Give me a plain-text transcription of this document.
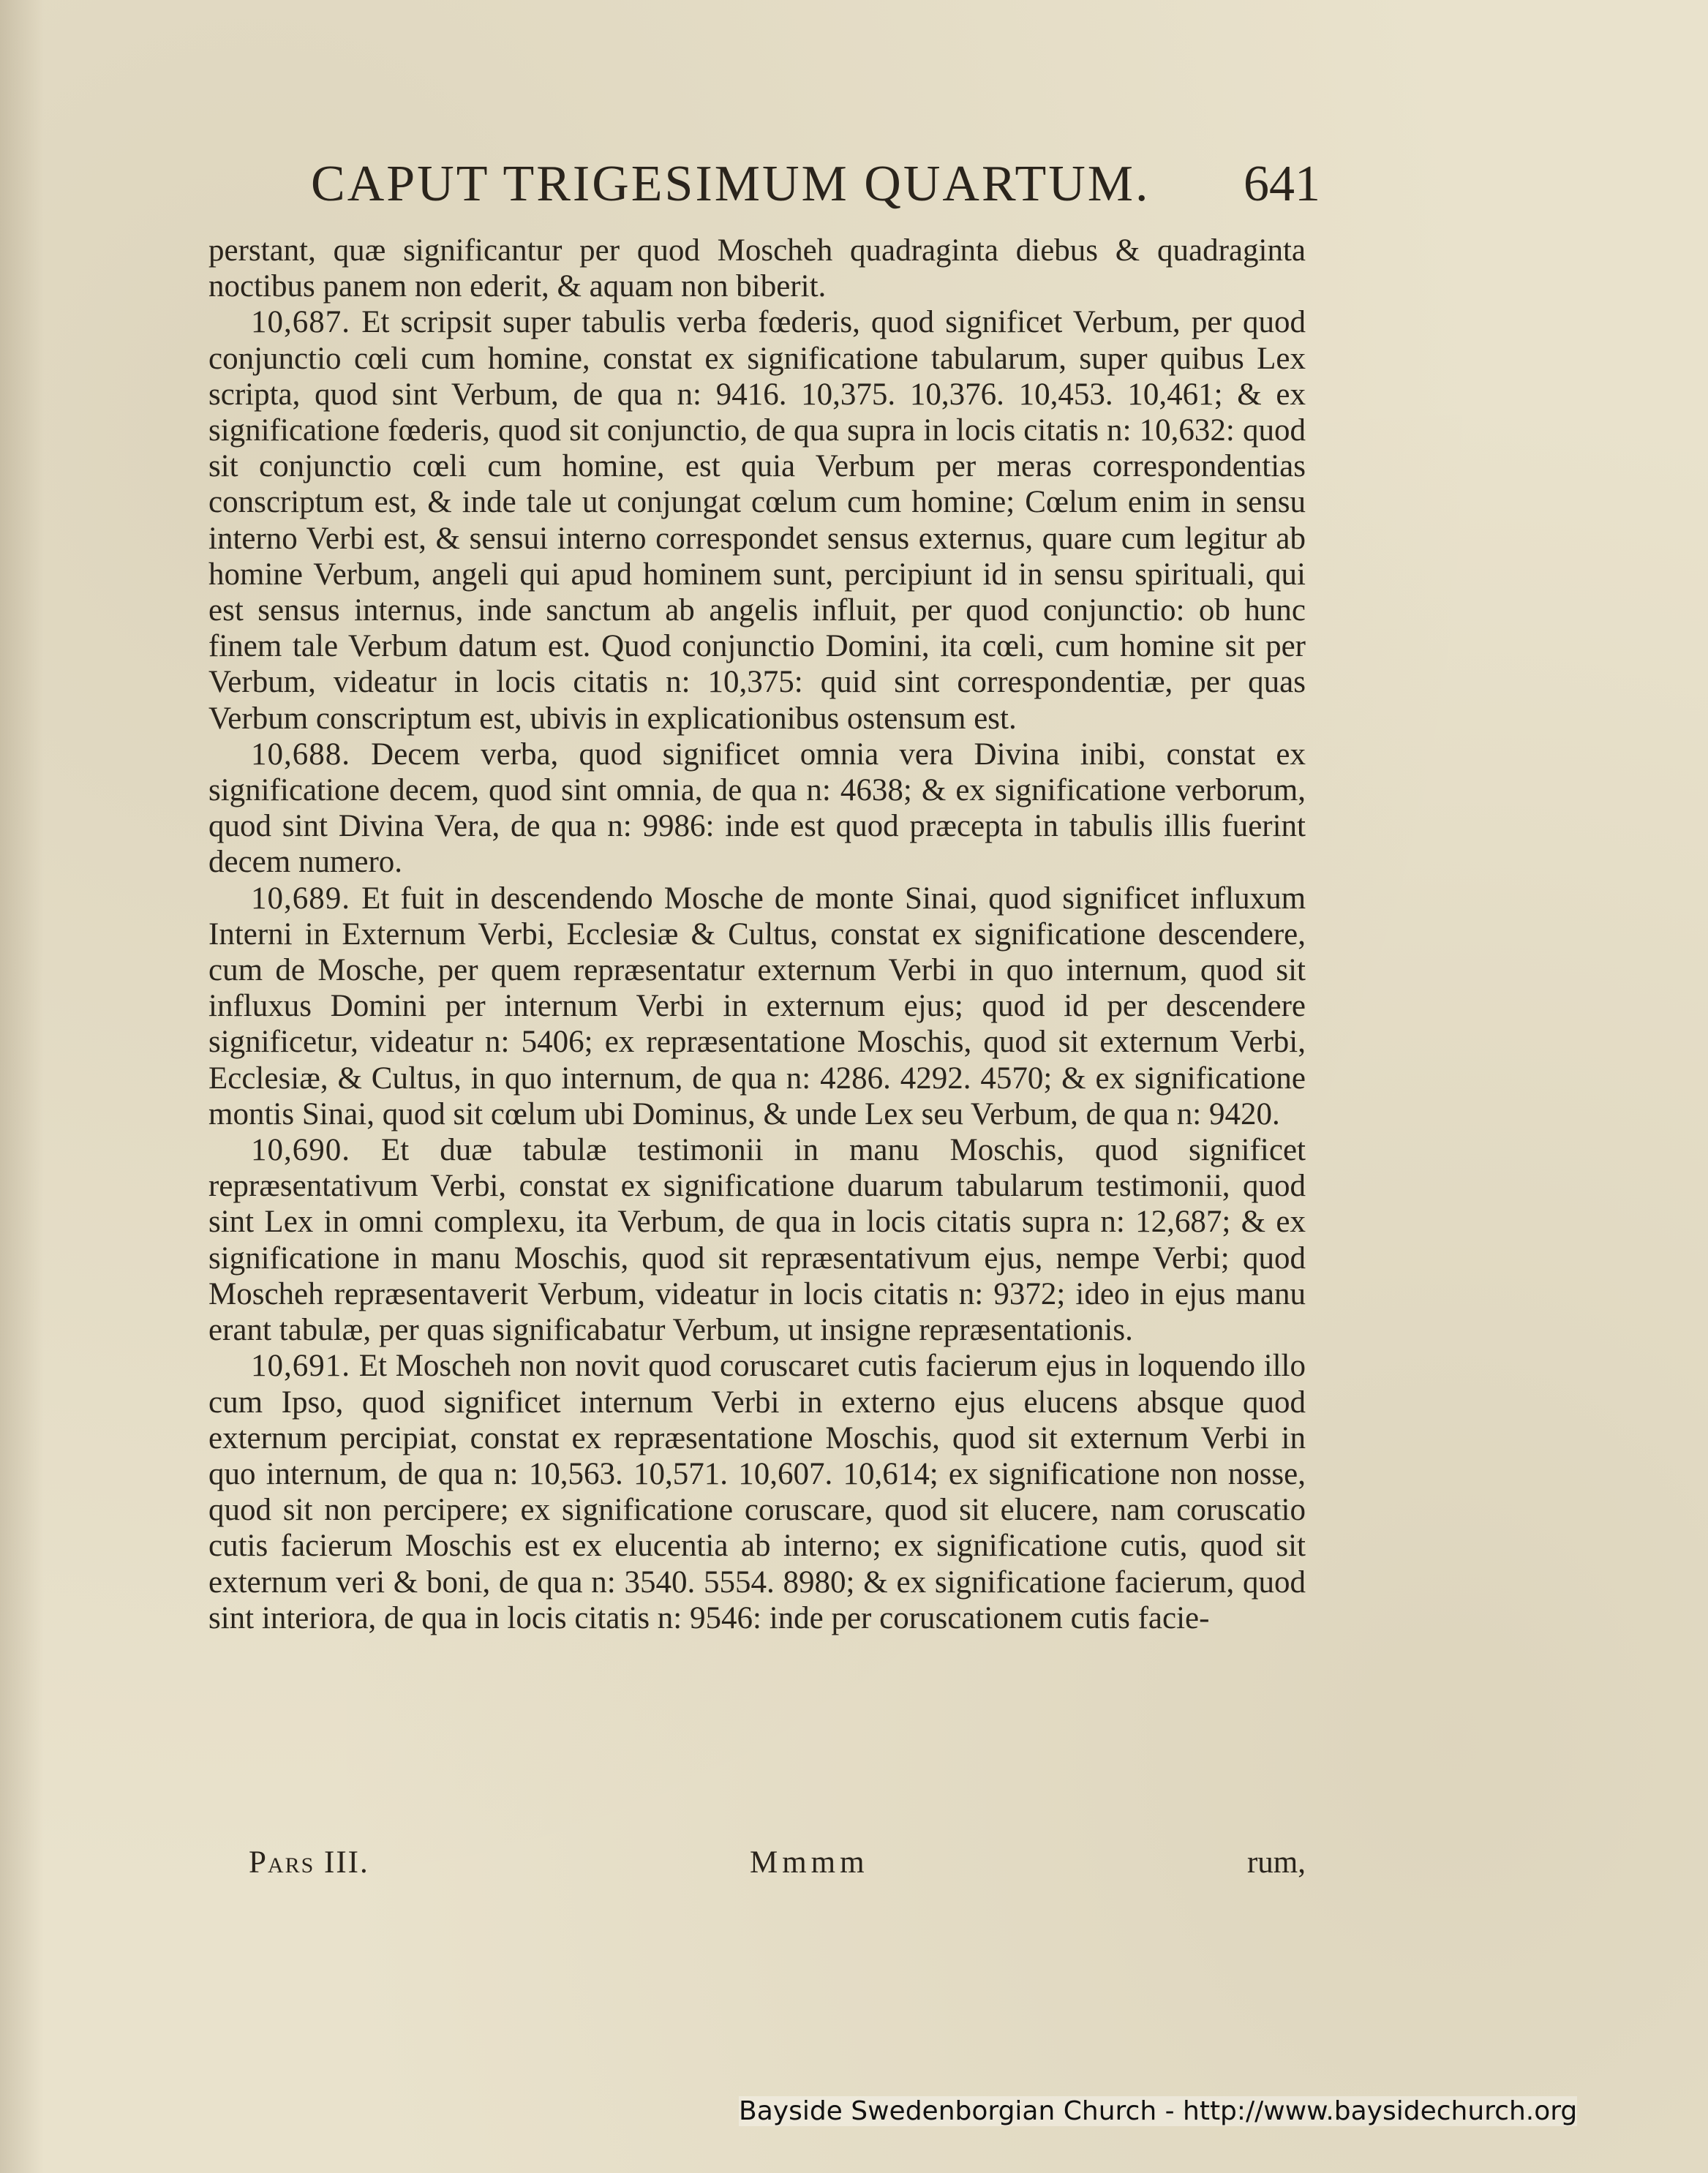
CAPUT TRIGESIMUM QUARTUM. 641

perstant, quæ significantur per quod Moscheh quadraginta diebus & quadraginta noctibus panem non ederit, & aquam non biberit.

10,687. Et scripsit super tabulis verba fœderis, quod significet Verbum, per quod conjunctio cœli cum homine, constat ex significatione tabularum, super quibus Lex scripta, quod sint Verbum, de qua n: 9416. 10,375. 10,376. 10,453. 10,461; & ex significatione fœderis, quod sit conjunctio, de qua supra in locis citatis n: 10,632: quod sit conjunctio cœli cum homine, est quia Verbum per meras correspondentias conscriptum est, & inde tale ut conjungat cœlum cum homine; Cœlum enim in sensu interno Verbi est, & sensui interno correspondet sensus externus, quare cum legitur ab homine Verbum, angeli qui apud hominem sunt, percipiunt id in sensu spirituali, qui est sensus internus, inde sanctum ab angelis influit, per quod conjunctio: ob hunc finem tale Verbum datum est. Quod conjunctio Domini, ita cœli, cum homine sit per Verbum, videatur in locis citatis n: 10,375: quid sint correspondentiæ, per quas Verbum conscriptum est, ubivis in explicationibus ostensum est.

10,688. Decem verba, quod significet omnia vera Divina inibi, constat ex significatione decem, quod sint omnia, de qua n: 4638; & ex significatione verborum, quod sint Divina Vera, de qua n: 9986: inde est quod præcepta in tabulis illis fuerint decem numero.

10,689. Et fuit in descendendo Mosche de monte Sinai, quod significet influxum Interni in Externum Verbi, Ecclesiæ & Cultus, constat ex significatione descendere, cum de Mosche, per quem repræsentatur externum Verbi in quo internum, quod sit influxus Domini per internum Verbi in externum ejus; quod id per descendere significetur, videatur n: 5406; ex repræsentatione Moschis, quod sit externum Verbi, Ecclesiæ, & Cultus, in quo internum, de qua n: 4286. 4292. 4570; & ex significatione montis Sinai, quod sit cœlum ubi Dominus, & unde Lex seu Verbum, de qua n: 9420.

10,690. Et duæ tabulæ testimonii in manu Moschis, quod significet repræsentativum Verbi, constat ex significatione duarum tabularum testimonii, quod sint Lex in omni complexu, ita Verbum, de qua in locis citatis supra n: 12,687; & ex significatione in manu Moschis, quod sit repræsentativum ejus, nempe Verbi; quod Moscheh repræsentaverit Verbum, videatur in locis citatis n: 9372; ideo in ejus manu erant tabulæ, per quas significabatur Verbum, ut insigne repræsentationis.

10,691. Et Moscheh non novit quod coruscaret cutis facierum ejus in loquendo illo cum Ipso, quod significet internum Verbi in externo ejus elucens absque quod externum percipiat, constat ex repræsentatione Moschis, quod sit externum Verbi in quo internum, de qua n: 10,563. 10,571. 10,607. 10,614; ex significatione non nosse, quod sit non percipere; ex significatione coruscare, quod sit elucere, nam coruscatio cutis facierum Moschis est ex elucentia ab interno; ex significatione cutis, quod sit externum veri & boni, de qua n: 3540. 5554. 8980; & ex significatione facierum, quod sint interiora, de qua in locis citatis n: 9546: inde per coruscationem cutis facie-

Pars III.	Mmmm	rum,
Bayside Swedenborgian Church - http://www.baysidechurch.org
